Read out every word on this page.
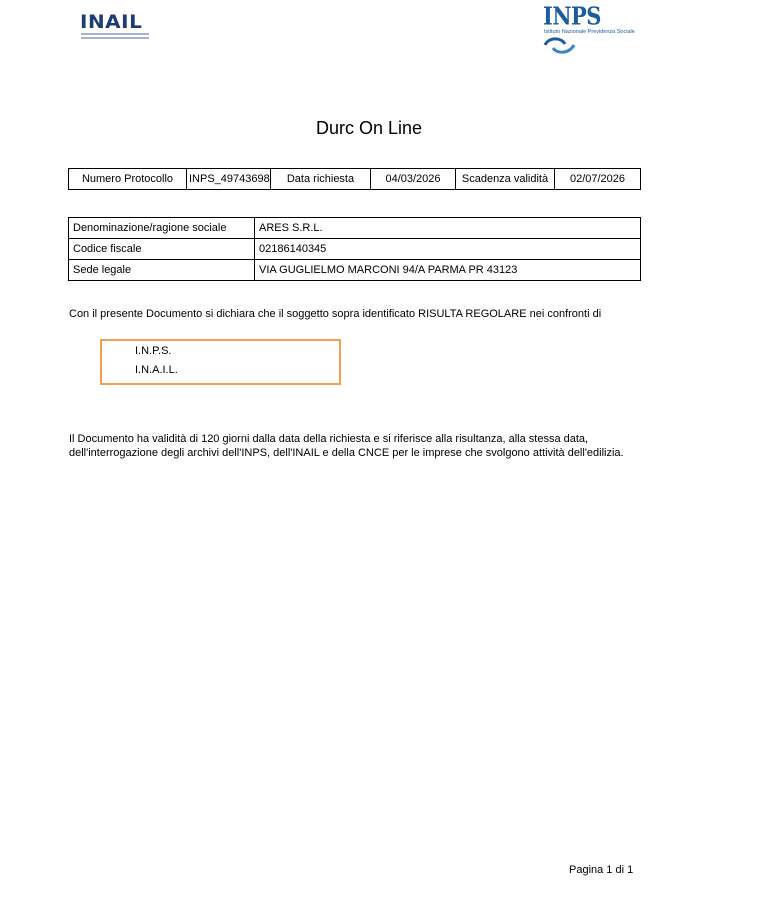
INAIL	INPS
Istituto Nazionale Previdenza Sociale
Durc On Line
Numero Protocollo	INPS_49743698	Data richiesta	04/03/2026	Scadenza validità	02/07/2026
Denominazione/ragione sociale	ARES S.R.L.
Codice fiscale	02186140345
Sede legale	VIA GUGLIELMO MARCONI 94/A PARMA PR 43123
Con il presente Documento si dichiara che il soggetto sopra identificato RISULTA REGOLARE nei confronti di
I.N.P.S.
I.N.A.I.L.
Il Documento ha validità di 120 giorni dalla data della richiesta e si riferisce alla risultanza, alla stessa data,
dell'interrogazione degli archivi dell'INPS, dell'INAIL e della CNCE per le imprese che svolgono attività dell'edilizia.
Pagina 1 di 1
